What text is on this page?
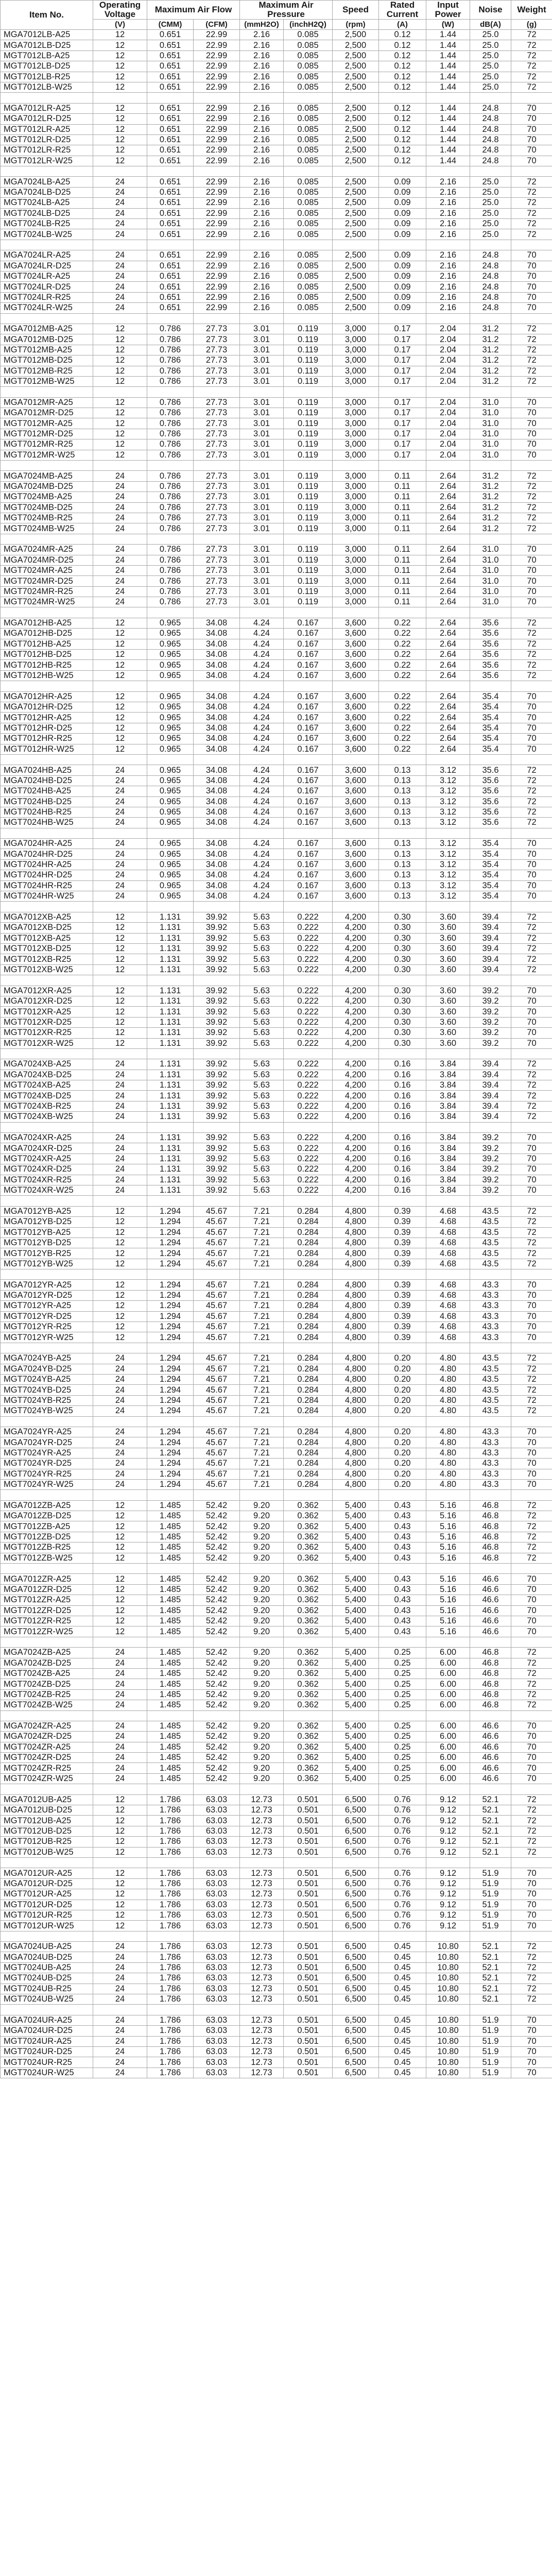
Item No.	Operating Voltage	Maximum Air Flow		Maximum Air Pressure		Speed	Rated Current	Input Power	Noise	Weight
	(V)	(CMM)	(CFM)	(mmH2O)	(inchH2Q)	(rpm)	(A)	(W)	dB(A)	(g)
MGA7012LB-A25	12	0.651	22.99	2.16	0.085	2,500	0.12	1.44	25.0	72
MGA7012LB-D25	12	0.651	22.99	2.16	0.085	2,500	0.12	1.44	25.0	72
MGT7012LB-A25	12	0.651	22.99	2.16	0.085	2,500	0.12	1.44	25.0	72
MGT7012LB-D25	12	0.651	22.99	2.16	0.085	2,500	0.12	1.44	25.0	72
MGT7012LB-R25	12	0.651	22.99	2.16	0.085	2,500	0.12	1.44	25.0	72
MGT7012LB-W25	12	0.651	22.99	2.16	0.085	2,500	0.12	1.44	25.0	72

MGA7012LR-A25	12	0.651	22.99	2.16	0.085	2,500	0.12	1.44	24.8	70
MGA7012LR-D25	12	0.651	22.99	2.16	0.085	2,500	0.12	1.44	24.8	70
MGT7012LR-A25	12	0.651	22.99	2.16	0.085	2,500	0.12	1.44	24.8	70
MGT7012LR-D25	12	0.651	22.99	2.16	0.085	2,500	0.12	1.44	24.8	70
MGT7012LR-R25	12	0.651	22.99	2.16	0.085	2,500	0.12	1.44	24.8	70
MGT7012LR-W25	12	0.651	22.99	2.16	0.085	2,500	0.12	1.44	24.8	70

MGA7024LB-A25	24	0.651	22.99	2.16	0.085	2,500	0.09	2.16	25.0	72
MGA7024LB-D25	24	0.651	22.99	2.16	0.085	2,500	0.09	2.16	25.0	72
MGT7024LB-A25	24	0.651	22.99	2.16	0.085	2,500	0.09	2.16	25.0	72
MGT7024LB-D25	24	0.651	22.99	2.16	0.085	2,500	0.09	2.16	25.0	72
MGT7024LB-R25	24	0.651	22.99	2.16	0.085	2,500	0.09	2.16	25.0	72
MGT7024LB-W25	24	0.651	22.99	2.16	0.085	2,500	0.09	2.16	25.0	72

MGA7024LR-A25	24	0.651	22.99	2.16	0.085	2,500	0.09	2.16	24.8	70
MGA7024LR-D25	24	0.651	22.99	2.16	0.085	2,500	0.09	2.16	24.8	70
MGT7024LR-A25	24	0.651	22.99	2.16	0.085	2,500	0.09	2.16	24.8	70
MGT7024LR-D25	24	0.651	22.99	2.16	0.085	2,500	0.09	2.16	24.8	70
MGT7024LR-R25	24	0.651	22.99	2.16	0.085	2,500	0.09	2.16	24.8	70
MGT7024LR-W25	24	0.651	22.99	2.16	0.085	2,500	0.09	2.16	24.8	70

MGA7012MB-A25	12	0.786	27.73	3.01	0.119	3,000	0.17	2.04	31.2	72
MGA7012MB-D25	12	0.786	27.73	3.01	0.119	3,000	0.17	2.04	31.2	72
MGT7012MB-A25	12	0.786	27.73	3.01	0.119	3,000	0.17	2.04	31.2	72
MGT7012MB-D25	12	0.786	27.73	3.01	0.119	3,000	0.17	2.04	31.2	72
MGT7012MB-R25	12	0.786	27.73	3.01	0.119	3,000	0.17	2.04	31.2	72
MGT7012MB-W25	12	0.786	27.73	3.01	0.119	3,000	0.17	2.04	31.2	72

MGA7012MR-A25	12	0.786	27.73	3.01	0.119	3,000	0.17	2.04	31.0	70
MGA7012MR-D25	12	0.786	27.73	3.01	0.119	3,000	0.17	2.04	31.0	70
MGT7012MR-A25	12	0.786	27.73	3.01	0.119	3,000	0.17	2.04	31.0	70
MGT7012MR-D25	12	0.786	27.73	3.01	0.119	3,000	0.17	2.04	31.0	70
MGT7012MR-R25	12	0.786	27.73	3.01	0.119	3,000	0.17	2.04	31.0	70
MGT7012MR-W25	12	0.786	27.73	3.01	0.119	3,000	0.17	2.04	31.0	70

MGA7024MB-A25	24	0.786	27.73	3.01	0.119	3,000	0.11	2.64	31.2	72
MGA7024MB-D25	24	0.786	27.73	3.01	0.119	3,000	0.11	2.64	31.2	72
MGT7024MB-A25	24	0.786	27.73	3.01	0.119	3,000	0.11	2.64	31.2	72
MGT7024MB-D25	24	0.786	27.73	3.01	0.119	3,000	0.11	2.64	31.2	72
MGT7024MB-R25	24	0.786	27.73	3.01	0.119	3,000	0.11	2.64	31.2	72
MGT7024MB-W25	24	0.786	27.73	3.01	0.119	3,000	0.11	2.64	31.2	72

MGA7024MR-A25	24	0.786	27.73	3.01	0.119	3,000	0.11	2.64	31.0	70
MGA7024MR-D25	24	0.786	27.73	3.01	0.119	3,000	0.11	2.64	31.0	70
MGT7024MR-A25	24	0.786	27.73	3.01	0.119	3,000	0.11	2.64	31.0	70
MGT7024MR-D25	24	0.786	27.73	3.01	0.119	3,000	0.11	2.64	31.0	70
MGT7024MR-R25	24	0.786	27.73	3.01	0.119	3,000	0.11	2.64	31.0	70
MGT7024MR-W25	24	0.786	27.73	3.01	0.119	3,000	0.11	2.64	31.0	70

MGA7012HB-A25	12	0.965	34.08	4.24	0.167	3,600	0.22	2.64	35.6	72
MGA7012HB-D25	12	0.965	34.08	4.24	0.167	3,600	0.22	2.64	35.6	72
MGT7012HB-A25	12	0.965	34.08	4.24	0.167	3,600	0.22	2.64	35.6	72
MGT7012HB-D25	12	0.965	34.08	4.24	0.167	3,600	0.22	2.64	35.6	72
MGT7012HB-R25	12	0.965	34.08	4.24	0.167	3,600	0.22	2.64	35.6	72
MGT7012HB-W25	12	0.965	34.08	4.24	0.167	3,600	0.22	2.64	35.6	72

MGA7012HR-A25	12	0.965	34.08	4.24	0.167	3,600	0.22	2.64	35.4	70
MGA7012HR-D25	12	0.965	34.08	4.24	0.167	3,600	0.22	2.64	35.4	70
MGT7012HR-A25	12	0.965	34.08	4.24	0.167	3,600	0.22	2.64	35.4	70
MGT7012HR-D25	12	0.965	34.08	4.24	0.167	3,600	0.22	2.64	35.4	70
MGT7012HR-R25	12	0.965	34.08	4.24	0.167	3,600	0.22	2.64	35.4	70
MGT7012HR-W25	12	0.965	34.08	4.24	0.167	3,600	0.22	2.64	35.4	70

MGA7024HB-A25	24	0.965	34.08	4.24	0.167	3,600	0.13	3.12	35.6	72
MGA7024HB-D25	24	0.965	34.08	4.24	0.167	3,600	0.13	3.12	35.6	72
MGT7024HB-A25	24	0.965	34.08	4.24	0.167	3,600	0.13	3.12	35.6	72
MGT7024HB-D25	24	0.965	34.08	4.24	0.167	3,600	0.13	3.12	35.6	72
MGT7024HB-R25	24	0.965	34.08	4.24	0.167	3,600	0.13	3.12	35.6	72
MGT7024HB-W25	24	0.965	34.08	4.24	0.167	3,600	0.13	3.12	35.6	72

MGA7024HR-A25	24	0.965	34.08	4.24	0.167	3,600	0.13	3.12	35.4	70
MGA7024HR-D25	24	0.965	34.08	4.24	0.167	3,600	0.13	3.12	35.4	70
MGT7024HR-A25	24	0.965	34.08	4.24	0.167	3,600	0.13	3.12	35.4	70
MGT7024HR-D25	24	0.965	34.08	4.24	0.167	3,600	0.13	3.12	35.4	70
MGT7024HR-R25	24	0.965	34.08	4.24	0.167	3,600	0.13	3.12	35.4	70
MGT7024HR-W25	24	0.965	34.08	4.24	0.167	3,600	0.13	3.12	35.4	70

MGA7012XB-A25	12	1.131	39.92	5.63	0.222	4,200	0.30	3.60	39.4	72
MGA7012XB-D25	12	1.131	39.92	5.63	0.222	4,200	0.30	3.60	39.4	72
MGT7012XB-A25	12	1.131	39.92	5.63	0.222	4,200	0.30	3.60	39.4	72
MGT7012XB-D25	12	1.131	39.92	5.63	0.222	4,200	0.30	3.60	39.4	72
MGT7012XB-R25	12	1.131	39.92	5.63	0.222	4,200	0.30	3.60	39.4	72
MGT7012XB-W25	12	1.131	39.92	5.63	0.222	4,200	0.30	3.60	39.4	72

MGA7012XR-A25	12	1.131	39.92	5.63	0.222	4,200	0.30	3.60	39.2	70
MGA7012XR-D25	12	1.131	39.92	5.63	0.222	4,200	0.30	3.60	39.2	70
MGT7012XR-A25	12	1.131	39.92	5.63	0.222	4,200	0.30	3.60	39.2	70
MGT7012XR-D25	12	1.131	39.92	5.63	0.222	4,200	0.30	3.60	39.2	70
MGT7012XR-R25	12	1.131	39.92	5.63	0.222	4,200	0.30	3.60	39.2	70
MGT7012XR-W25	12	1.131	39.92	5.63	0.222	4,200	0.30	3.60	39.2	70

MGA7024XB-A25	24	1.131	39.92	5.63	0.222	4,200	0.16	3.84	39.4	72
MGA7024XB-D25	24	1.131	39.92	5.63	0.222	4,200	0.16	3.84	39.4	72
MGT7024XB-A25	24	1.131	39.92	5.63	0.222	4,200	0.16	3.84	39.4	72
MGT7024XB-D25	24	1.131	39.92	5.63	0.222	4,200	0.16	3.84	39.4	72
MGT7024XB-R25	24	1.131	39.92	5.63	0.222	4,200	0.16	3.84	39.4	72
MGT7024XB-W25	24	1.131	39.92	5.63	0.222	4,200	0.16	3.84	39.4	72

MGA7024XR-A25	24	1.131	39.92	5.63	0.222	4,200	0.16	3.84	39.2	70
MGA7024XR-D25	24	1.131	39.92	5.63	0.222	4,200	0.16	3.84	39.2	70
MGT7024XR-A25	24	1.131	39.92	5.63	0.222	4,200	0.16	3.84	39.2	70
MGT7024XR-D25	24	1.131	39.92	5.63	0.222	4,200	0.16	3.84	39.2	70
MGT7024XR-R25	24	1.131	39.92	5.63	0.222	4,200	0.16	3.84	39.2	70
MGT7024XR-W25	24	1.131	39.92	5.63	0.222	4,200	0.16	3.84	39.2	70

MGA7012YB-A25	12	1.294	45.67	7.21	0.284	4,800	0.39	4.68	43.5	72
MGA7012YB-D25	12	1.294	45.67	7.21	0.284	4,800	0.39	4.68	43.5	72
MGT7012YB-A25	12	1.294	45.67	7.21	0.284	4,800	0.39	4.68	43.5	72
MGT7012YB-D25	12	1.294	45.67	7.21	0.284	4,800	0.39	4.68	43.5	72
MGT7012YB-R25	12	1.294	45.67	7.21	0.284	4,800	0.39	4.68	43.5	72
MGT7012YB-W25	12	1.294	45.67	7.21	0.284	4,800	0.39	4.68	43.5	72

MGA7012YR-A25	12	1.294	45.67	7.21	0.284	4,800	0.39	4.68	43.3	70
MGA7012YR-D25	12	1.294	45.67	7.21	0.284	4,800	0.39	4.68	43.3	70
MGT7012YR-A25	12	1.294	45.67	7.21	0.284	4,800	0.39	4.68	43.3	70
MGT7012YR-D25	12	1.294	45.67	7.21	0.284	4,800	0.39	4.68	43.3	70
MGT7012YR-R25	12	1.294	45.67	7.21	0.284	4,800	0.39	4.68	43.3	70
MGT7012YR-W25	12	1.294	45.67	7.21	0.284	4,800	0.39	4.68	43.3	70

MGA7024YB-A25	24	1.294	45.67	7.21	0.284	4,800	0.20	4.80	43.5	72
MGA7024YB-D25	24	1.294	45.67	7.21	0.284	4,800	0.20	4.80	43.5	72
MGT7024YB-A25	24	1.294	45.67	7.21	0.284	4,800	0.20	4.80	43.5	72
MGT7024YB-D25	24	1.294	45.67	7.21	0.284	4,800	0.20	4.80	43.5	72
MGT7024YB-R25	24	1.294	45.67	7.21	0.284	4,800	0.20	4.80	43.5	72
MGT7024YB-W25	24	1.294	45.67	7.21	0.284	4,800	0.20	4.80	43.5	72

MGA7024YR-A25	24	1.294	45.67	7.21	0.284	4,800	0.20	4.80	43.3	70
MGA7024YR-D25	24	1.294	45.67	7.21	0.284	4,800	0.20	4.80	43.3	70
MGT7024YR-A25	24	1.294	45.67	7.21	0.284	4,800	0.20	4.80	43.3	70
MGT7024YR-D25	24	1.294	45.67	7.21	0.284	4,800	0.20	4.80	43.3	70
MGT7024YR-R25	24	1.294	45.67	7.21	0.284	4,800	0.20	4.80	43.3	70
MGT7024YR-W25	24	1.294	45.67	7.21	0.284	4,800	0.20	4.80	43.3	70

MGA7012ZB-A25	12	1.485	52.42	9.20	0.362	5,400	0.43	5.16	46.8	72
MGA7012ZB-D25	12	1.485	52.42	9.20	0.362	5,400	0.43	5.16	46.8	72
MGT7012ZB-A25	12	1.485	52.42	9.20	0.362	5,400	0.43	5.16	46.8	72
MGT7012ZB-D25	12	1.485	52.42	9.20	0.362	5,400	0.43	5.16	46.8	72
MGT7012ZB-R25	12	1.485	52.42	9.20	0.362	5,400	0.43	5.16	46.8	72
MGT7012ZB-W25	12	1.485	52.42	9.20	0.362	5,400	0.43	5.16	46.8	72

MGA7012ZR-A25	12	1.485	52.42	9.20	0.362	5,400	0.43	5.16	46.6	70
MGA7012ZR-D25	12	1.485	52.42	9.20	0.362	5,400	0.43	5.16	46.6	70
MGT7012ZR-A25	12	1.485	52.42	9.20	0.362	5,400	0.43	5.16	46.6	70
MGT7012ZR-D25	12	1.485	52.42	9.20	0.362	5,400	0.43	5.16	46.6	70
MGT7012ZR-R25	12	1.485	52.42	9.20	0.362	5,400	0.43	5.16	46.6	70
MGT7012ZR-W25	12	1.485	52.42	9.20	0.362	5,400	0.43	5.16	46.6	70

MGA7024ZB-A25	24	1.485	52.42	9.20	0.362	5,400	0.25	6.00	46.8	72
MGA7024ZB-D25	24	1.485	52.42	9.20	0.362	5,400	0.25	6.00	46.8	72
MGT7024ZB-A25	24	1.485	52.42	9.20	0.362	5,400	0.25	6.00	46.8	72
MGT7024ZB-D25	24	1.485	52.42	9.20	0.362	5,400	0.25	6.00	46.8	72
MGT7024ZB-R25	24	1.485	52.42	9.20	0.362	5,400	0.25	6.00	46.8	72
MGT7024ZB-W25	24	1.485	52.42	9.20	0.362	5,400	0.25	6.00	46.8	72

MGA7024ZR-A25	24	1.485	52.42	9.20	0.362	5,400	0.25	6.00	46.6	70
MGA7024ZR-D25	24	1.485	52.42	9.20	0.362	5,400	0.25	6.00	46.6	70
MGT7024ZR-A25	24	1.485	52.42	9.20	0.362	5,400	0.25	6.00	46.6	70
MGT7024ZR-D25	24	1.485	52.42	9.20	0.362	5,400	0.25	6.00	46.6	70
MGT7024ZR-R25	24	1.485	52.42	9.20	0.362	5,400	0.25	6.00	46.6	70
MGT7024ZR-W25	24	1.485	52.42	9.20	0.362	5,400	0.25	6.00	46.6	70

MGA7012UB-A25	12	1.786	63.03	12.73	0.501	6,500	0.76	9.12	52.1	72
MGA7012UB-D25	12	1.786	63.03	12.73	0.501	6,500	0.76	9.12	52.1	72
MGT7012UB-A25	12	1.786	63.03	12.73	0.501	6,500	0.76	9.12	52.1	72
MGT7012UB-D25	12	1.786	63.03	12.73	0.501	6,500	0.76	9.12	52.1	72
MGT7012UB-R25	12	1.786	63.03	12.73	0.501	6,500	0.76	9.12	52.1	72
MGT7012UB-W25	12	1.786	63.03	12.73	0.501	6,500	0.76	9.12	52.1	72

MGA7012UR-A25	12	1.786	63.03	12.73	0.501	6,500	0.76	9.12	51.9	70
MGA7012UR-D25	12	1.786	63.03	12.73	0.501	6,500	0.76	9.12	51.9	70
MGT7012UR-A25	12	1.786	63.03	12.73	0.501	6,500	0.76	9.12	51.9	70
MGT7012UR-D25	12	1.786	63.03	12.73	0.501	6,500	0.76	9.12	51.9	70
MGT7012UR-R25	12	1.786	63.03	12.73	0.501	6,500	0.76	9.12	51.9	70
MGT7012UR-W25	12	1.786	63.03	12.73	0.501	6,500	0.76	9.12	51.9	70

MGA7024UB-A25	24	1.786	63.03	12.73	0.501	6,500	0.45	10.80	52.1	72
MGA7024UB-D25	24	1.786	63.03	12.73	0.501	6,500	0.45	10.80	52.1	72
MGT7024UB-A25	24	1.786	63.03	12.73	0.501	6,500	0.45	10.80	52.1	72
MGT7024UB-D25	24	1.786	63.03	12.73	0.501	6,500	0.45	10.80	52.1	72
MGT7024UB-R25	24	1.786	63.03	12.73	0.501	6,500	0.45	10.80	52.1	72
MGT7024UB-W25	24	1.786	63.03	12.73	0.501	6,500	0.45	10.80	52.1	72

MGA7024UR-A25	24	1.786	63.03	12.73	0.501	6,500	0.45	10.80	51.9	70
MGA7024UR-D25	24	1.786	63.03	12.73	0.501	6,500	0.45	10.80	51.9	70
MGT7024UR-A25	24	1.786	63.03	12.73	0.501	6,500	0.45	10.80	51.9	70
MGT7024UR-D25	24	1.786	63.03	12.73	0.501	6,500	0.45	10.80	51.9	70
MGT7024UR-R25	24	1.786	63.03	12.73	0.501	6,500	0.45	10.80	51.9	70
MGT7024UR-W25	24	1.786	63.03	12.73	0.501	6,500	0.45	10.80	51.9	70
